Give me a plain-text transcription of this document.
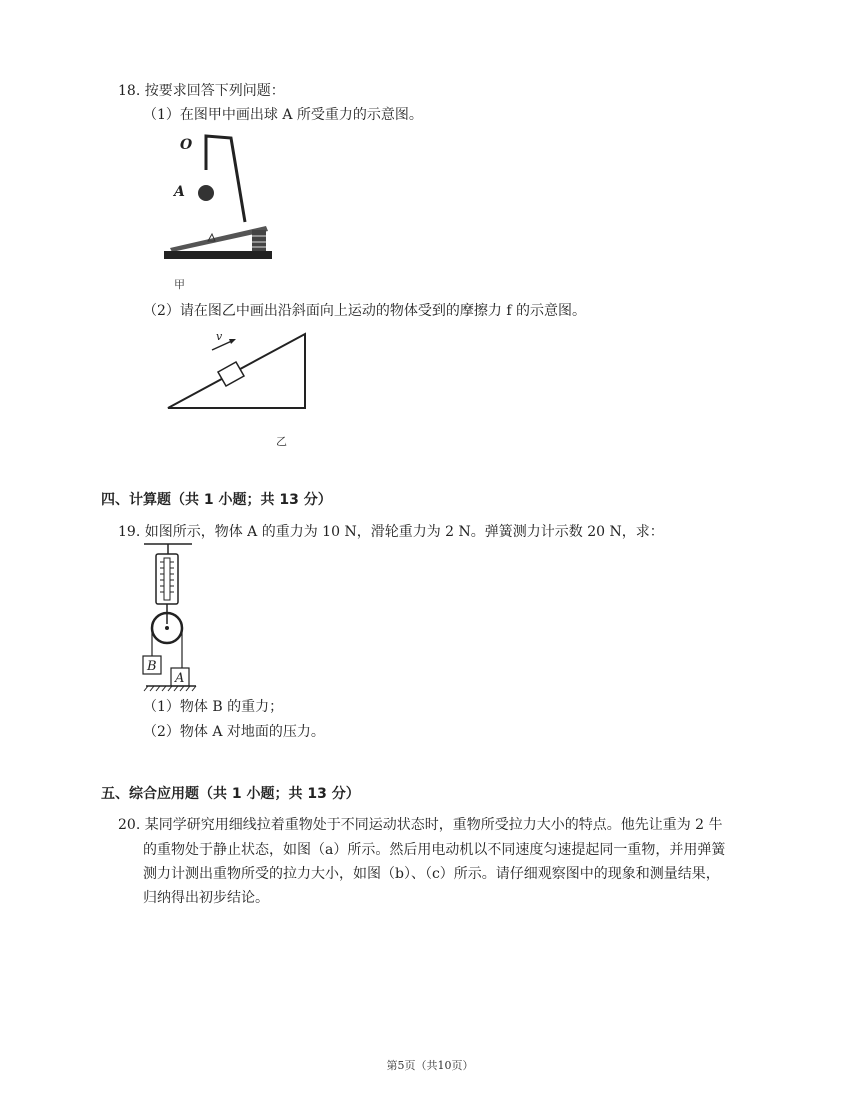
18. 按要求回答下列问题：
（1）在图甲中画出球 A 所受重力的示意图。
O
A
甲
（2）请在图乙中画出沿斜面向上运动的物体受到的摩擦力 f 的示意图。
v
乙
四、计算题（共 1 小题；共 13 分）
19. 如图所示，物体 A 的重力为 10 N，滑轮重力为 2 N。弹簧测力计示数 20 N，求：
B
A
（1）物体 B 的重力；
（2）物体 A 对地面的压力。
五、综合应用题（共 1 小题；共 13 分）
20. 某同学研究用细线拉着重物处于不同运动状态时，重物所受拉力大小的特点。他先让重为 2 牛
的重物处于静止状态，如图（a）所示。然后用电动机以不同速度匀速提起同一重物，并用弹簧
测力计测出重物所受的拉力大小，如图（b）、（c）所示。请仔细观察图中的现象和测量结果，
归纳得出初步结论。
第5页（共10页）
